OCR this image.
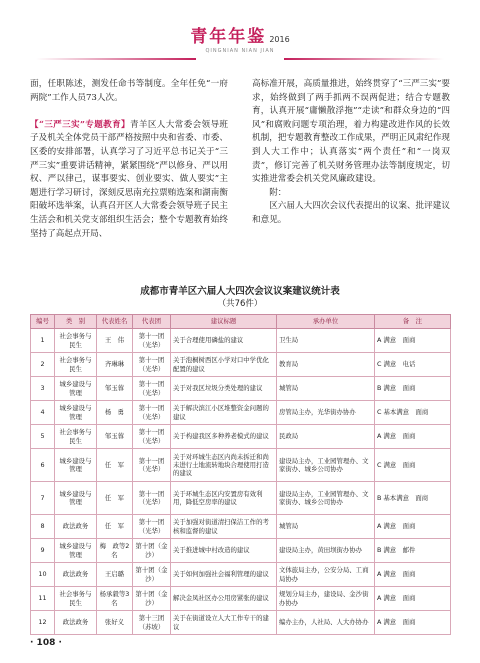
青年年鉴 2016
QINGNIAN NIAN JIAN

面，任职陈述，测发任命书等制度。全年任免“一府两院”工作人员73人次。

【“三严三实”专题教育】青羊区人大常委会领导班子及机关全体党员干部严格按照中央和省委、市委、区委的安排部署，认真学习了习近平总书记关于“三严三实”重要讲话精神，紧紧围绕“严以修身、严以用权、严以律己，谋事要实、创业要实、做人要实”主题进行学习研讨，深刻反思南充拉票贿选案和湖南衡阳破坏选举案，认真召开区人大常委会领导班子民主生活会和机关党支部组织生活会；整个专题教育始终坚持了高起点开局、

高标准开展，高质量推进，始终贯穿了“三严三实”要求，始终做到了两手抓两不误两促进；结合专题教育，认真开展“庸懒散浮拖”“走读”和群众身边的“四风”和腐败问题专项治理，着力构建改进作风的长效机制，把专题教育整改工作成果，严明正风肃纪作现到人大工作中；认真落实“两个责任”和“一岗双责”，修订完善了机关财务管理办法等制度规定，切实推进常委会机关党风廉政建设。

附：

区六届人大四次会议代表提出的议案、批评建议和意见。

成都市青羊区六届人大四次会议议案建议统计表
（共76件）
编号	类　别	代表姓名	代表团	建议标题	承办单位	备　注
1	社会事务与民生	王　伟	第十一团（光华）	关于合理使用磷盐的建议	卫生局	A 满意　面商
2	社会事务与民生	齐琳琳	第十一团（光华）	关于泡桐树西区小学对口中学优化配置的建议	教育局	C 满意　电话
3	城乡建设与管理	邹玉蓉	第十一团（光华）	关于对我区垃圾分类处理的建议	城管局	B 满意　面商
4	城乡建设与管理	杨　勇	第十一团（光华）	关于解决滨江小区堆整资金问题的建议	房管局主办，光华街办协办	C 基本满意　面商
5	社会事务与民生	邹玉蓉	第十一团（光华）	关于构建我区多种养老模式的建议	民政局	A 满意　面商
6	城乡建设与管理	任　军	第十一团（光华）	关于对环城生态区内尚未拆迁和尚未进行土地流转地块合理使用打造的建议	建设局主办，工业园管理办、文家街办、城乡公司协办	C 满意　面商
7	城乡建设与管理	任　军	第十一团（光华）	关于环城生态区内安置房有效利用，降低空房率的建议	建设局主办，工业园管理办、文家街办、城乡公司协办	B 基本满意　面商
8	政法政务	任　军	第十一团（光华）	关于加强对街道清扫保洁工作的考核和监督的建议	城管局	A 满意　面商
9	城乡建设与管理	梅　政等2名	第十团（金沙）	关于推进城中村改造的建议	建设局主办，黄田坝街办协办	B 满意　邮件
10	政法政务	王启璐	第十团（金沙）	关于如何加强社会福利管理的建议	文体旅局主办，公安分局、工商局协办	A 满意　面商
11	社会事务与民生	杨承毅等3名	第十团（金沙）	解决金凤社区办公用房紧张的建议	规划分局主办，建设局、金沙街办协办	A 满意　面商
12	政法政务	张好义	第十三团（苏坡）	关于在街道设立人大工作专干的建议	编办主办，人社局、人大办协办	A 满意　面商
· 108 ·
